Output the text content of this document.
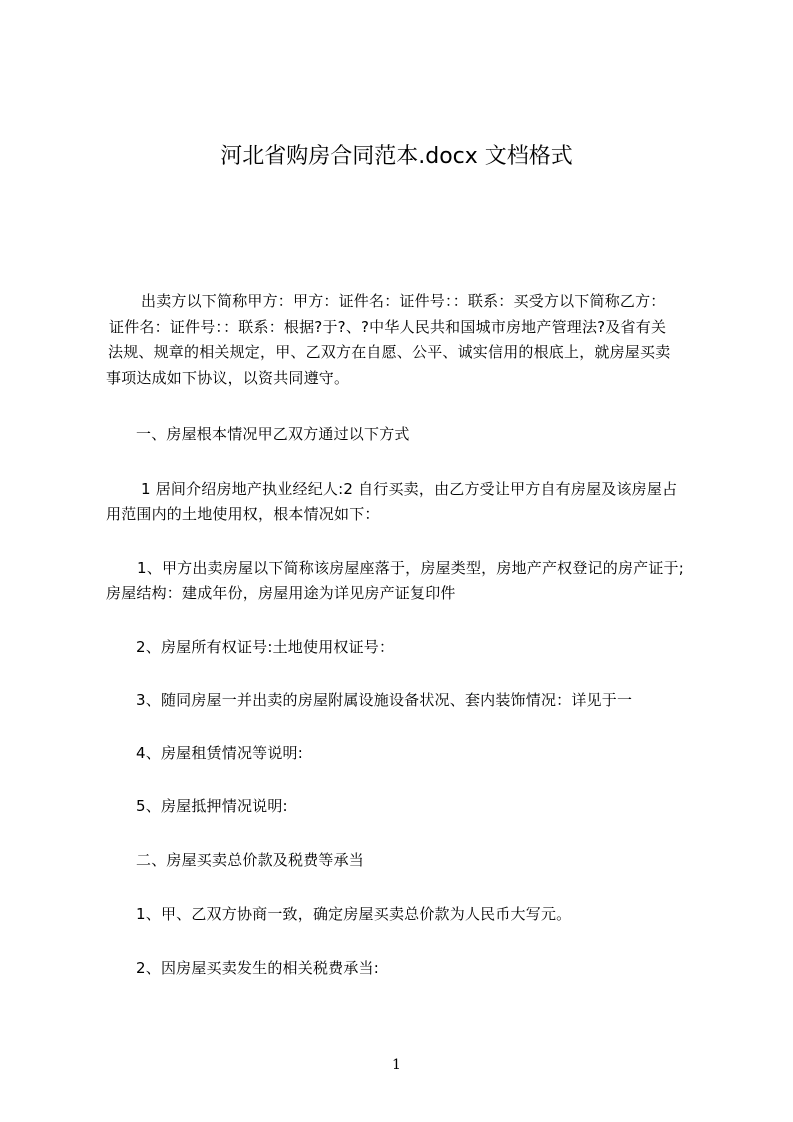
河北省购房合同范本.docx 文档格式
出卖方以下简称甲方：甲方：证件名：证件号：：联系：买受方以下简称乙方：
证件名：证件号：：联系：根据?于?、?中华人民共和国城市房地产管理法?及省有关
法规、规章的相关规定，甲、乙双方在自愿、公平、诚实信用的根底上，就房屋买卖
事项达成如下协议，以资共同遵守。
一、房屋根本情况甲乙双方通过以下方式
1 居间介绍房地产执业经纪人:2 自行买卖，由乙方受让甲方自有房屋及该房屋占
用范围内的土地使用权，根本情况如下：
1、甲方出卖房屋以下简称该房屋座落于，房屋类型，房地产产权登记的房产证于;
房屋结构：建成年份，房屋用途为详见房产证复印件
2、房屋所有权证号:土地使用权证号：
3、随同房屋一并出卖的房屋附属设施设备状况、套内装饰情况：详见于一
4、房屋租赁情况等说明:
5、房屋抵押情况说明:
二、房屋买卖总价款及税费等承当
1、甲、乙双方协商一致，确定房屋买卖总价款为人民币大写元。
2、因房屋买卖发生的相关税费承当:
1
